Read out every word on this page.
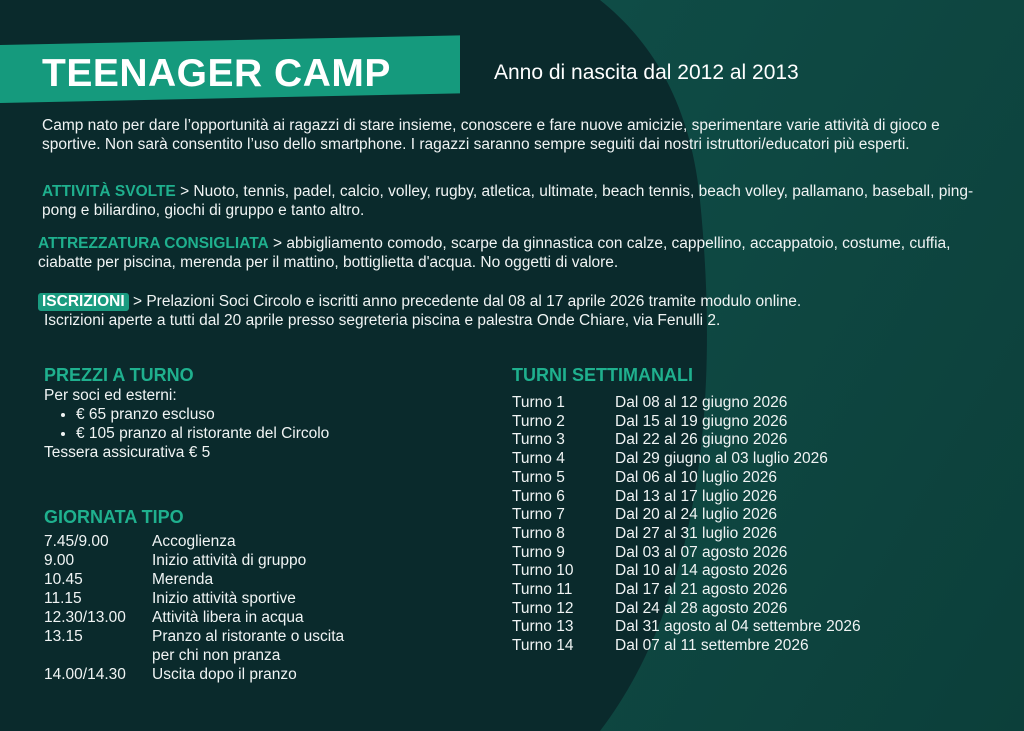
TEENAGER CAMP	Anno di nascita dal 2012 al 2013
Camp nato per dare l’opportunità ai ragazzi di stare insieme, conoscere e fare nuove amicizie, sperimentare varie attività di gioco e sportive. Non sarà consentito l’uso dello smartphone. I ragazzi saranno sempre seguiti dai nostri istruttori/educatori più esperti.
ATTIVITÀ SVOLTE > Nuoto, tennis, padel, calcio, volley, rugby, atletica, ultimate, beach tennis, beach volley, pallamano, baseball, ping-pong e biliardino, giochi di gruppo e tanto altro.
ATTREZZATURA CONSIGLIATA > abbigliamento comodo, scarpe da ginnastica con calze, cappellino, accappatoio, costume, cuffia, ciabatte per piscina, merenda per il mattino, bottiglietta d'acqua. No oggetti di valore.
ISCRIZIONI > Prelazioni Soci Circolo e iscritti anno precedente dal 08 al 17 aprile 2026 tramite modulo online.
Iscrizioni aperte a tutti dal 20 aprile presso segreteria piscina e palestra Onde Chiare, via Fenulli 2.
PREZZI A TURNO
Per soci ed esterni:
• € 65 pranzo escluso
• € 105 pranzo al ristorante del Circolo
Tessera assicurativa € 5
GIORNATA TIPO
7.45/9.00	Accoglienza
9.00	Inizio attività di gruppo
10.45	Merenda
11.15	Inizio attività sportive
12.30/13.00	Attività libera in acqua
13.15	Pranzo al ristorante o uscita
per chi non pranza
14.00/14.30	Uscita dopo il pranzo
TURNI SETTIMANALI
Turno 1	Dal 08 al 12 giugno 2026
Turno 2	Dal 15 al 19 giugno 2026
Turno 3	Dal 22 al 26 giugno 2026
Turno 4	Dal 29 giugno al 03 luglio 2026
Turno 5	Dal 06 al 10 luglio 2026
Turno 6	Dal 13 al 17 luglio 2026
Turno 7	Dal 20 al 24 luglio 2026
Turno 8	Dal 27 al 31 luglio 2026
Turno 9	Dal 03 al 07 agosto 2026
Turno 10	Dal 10 al 14 agosto 2026
Turno 11	Dal 17 al 21 agosto 2026
Turno 12	Dal 24 al 28 agosto 2026
Turno 13	Dal 31 agosto al 04 settembre 2026
Turno 14	Dal 07 al 11 settembre 2026
